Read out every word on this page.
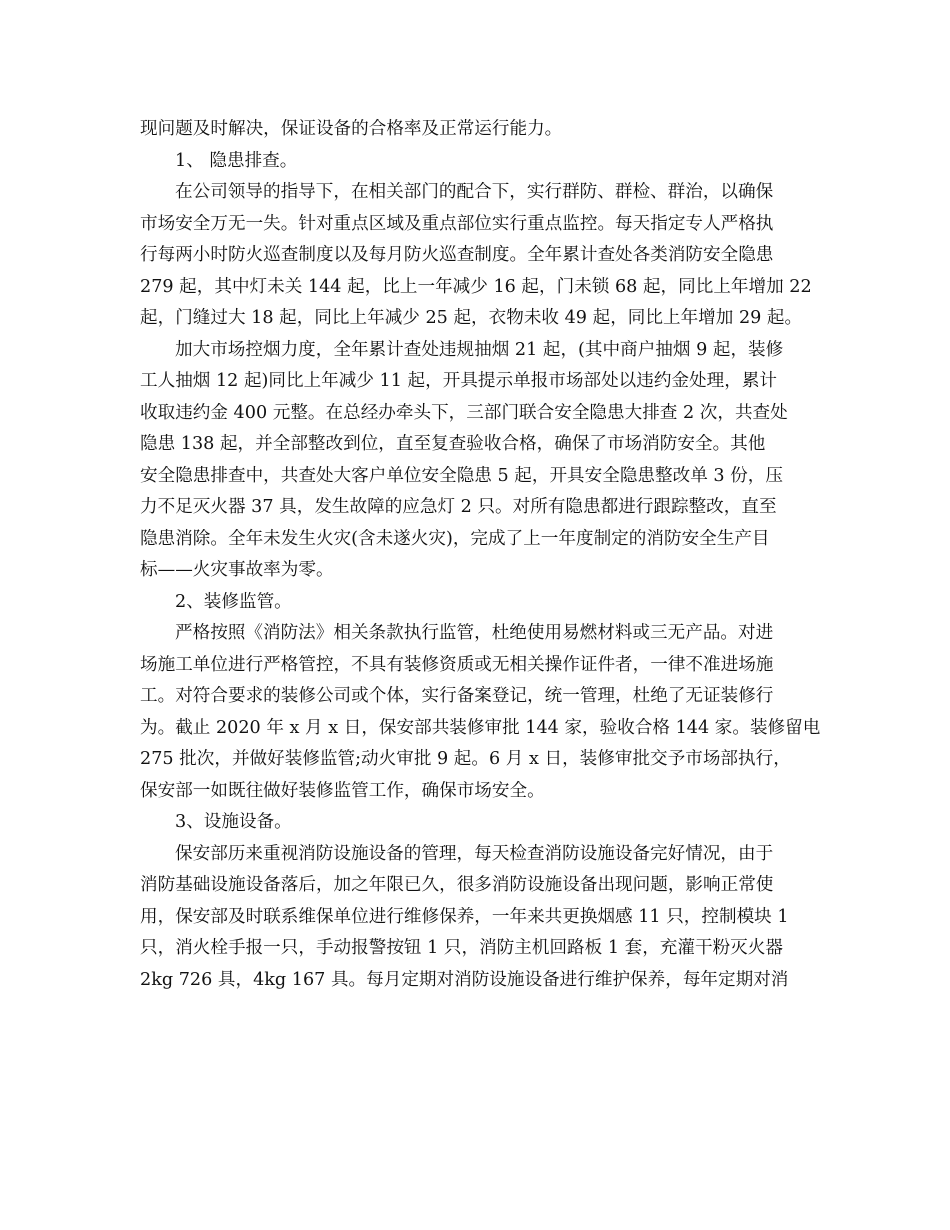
现问题及时解决，保证设备的合格率及正常运行能力。
1、 隐患排查。
在公司领导的指导下，在相关部门的配合下，实行群防、群检、群治，以确保
市场安全万无一失。针对重点区域及重点部位实行重点监控。每天指定专人严格执
行每两小时防火巡查制度以及每月防火巡查制度。全年累计查处各类消防安全隐患
279 起，其中灯未关 144 起，比上一年减少 16 起，门未锁 68 起，同比上年增加 22
起，门缝过大 18 起，同比上年减少 25 起，衣物未收 49 起，同比上年增加 29 起。
加大市场控烟力度，全年累计查处违规抽烟 21 起，(其中商户抽烟 9 起，装修
工人抽烟 12 起)同比上年减少 11 起，开具提示单报市场部处以违约金处理，累计
收取违约金 400 元整。在总经办牵头下，三部门联合安全隐患大排查 2 次，共查处
隐患 138 起，并全部整改到位，直至复查验收合格，确保了市场消防安全。其他
安全隐患排查中，共查处大客户单位安全隐患 5 起，开具安全隐患整改单 3 份，压
力不足灭火器 37 具，发生故障的应急灯 2 只。对所有隐患都进行跟踪整改，直至
隐患消除。全年未发生火灾(含未遂火灾)，完成了上一年度制定的消防安全生产目
标——火灾事故率为零。
2、装修监管。
严格按照《消防法》相关条款执行监管，杜绝使用易燃材料或三无产品。对进
场施工单位进行严格管控，不具有装修资质或无相关操作证件者，一律不准进场施
工。对符合要求的装修公司或个体，实行备案登记，统一管理，杜绝了无证装修行
为。截止 2020 年 x 月 x 日，保安部共装修审批 144 家，验收合格 144 家。装修留电
275 批次，并做好装修监管;动火审批 9 起。6 月 x 日，装修审批交予市场部执行，
保安部一如既往做好装修监管工作，确保市场安全。
3、设施设备。
保安部历来重视消防设施设备的管理，每天检查消防设施设备完好情况，由于
消防基础设施设备落后，加之年限已久，很多消防设施设备出现问题，影响正常使
用，保安部及时联系维保单位进行维修保养，一年来共更换烟感 11 只，控制模块 1
只，消火栓手报一只，手动报警按钮 1 只，消防主机回路板 1 套，充灌干粉灭火器
2kg 726 具，4kg 167 具。每月定期对消防设施设备进行维护保养，每年定期对消
